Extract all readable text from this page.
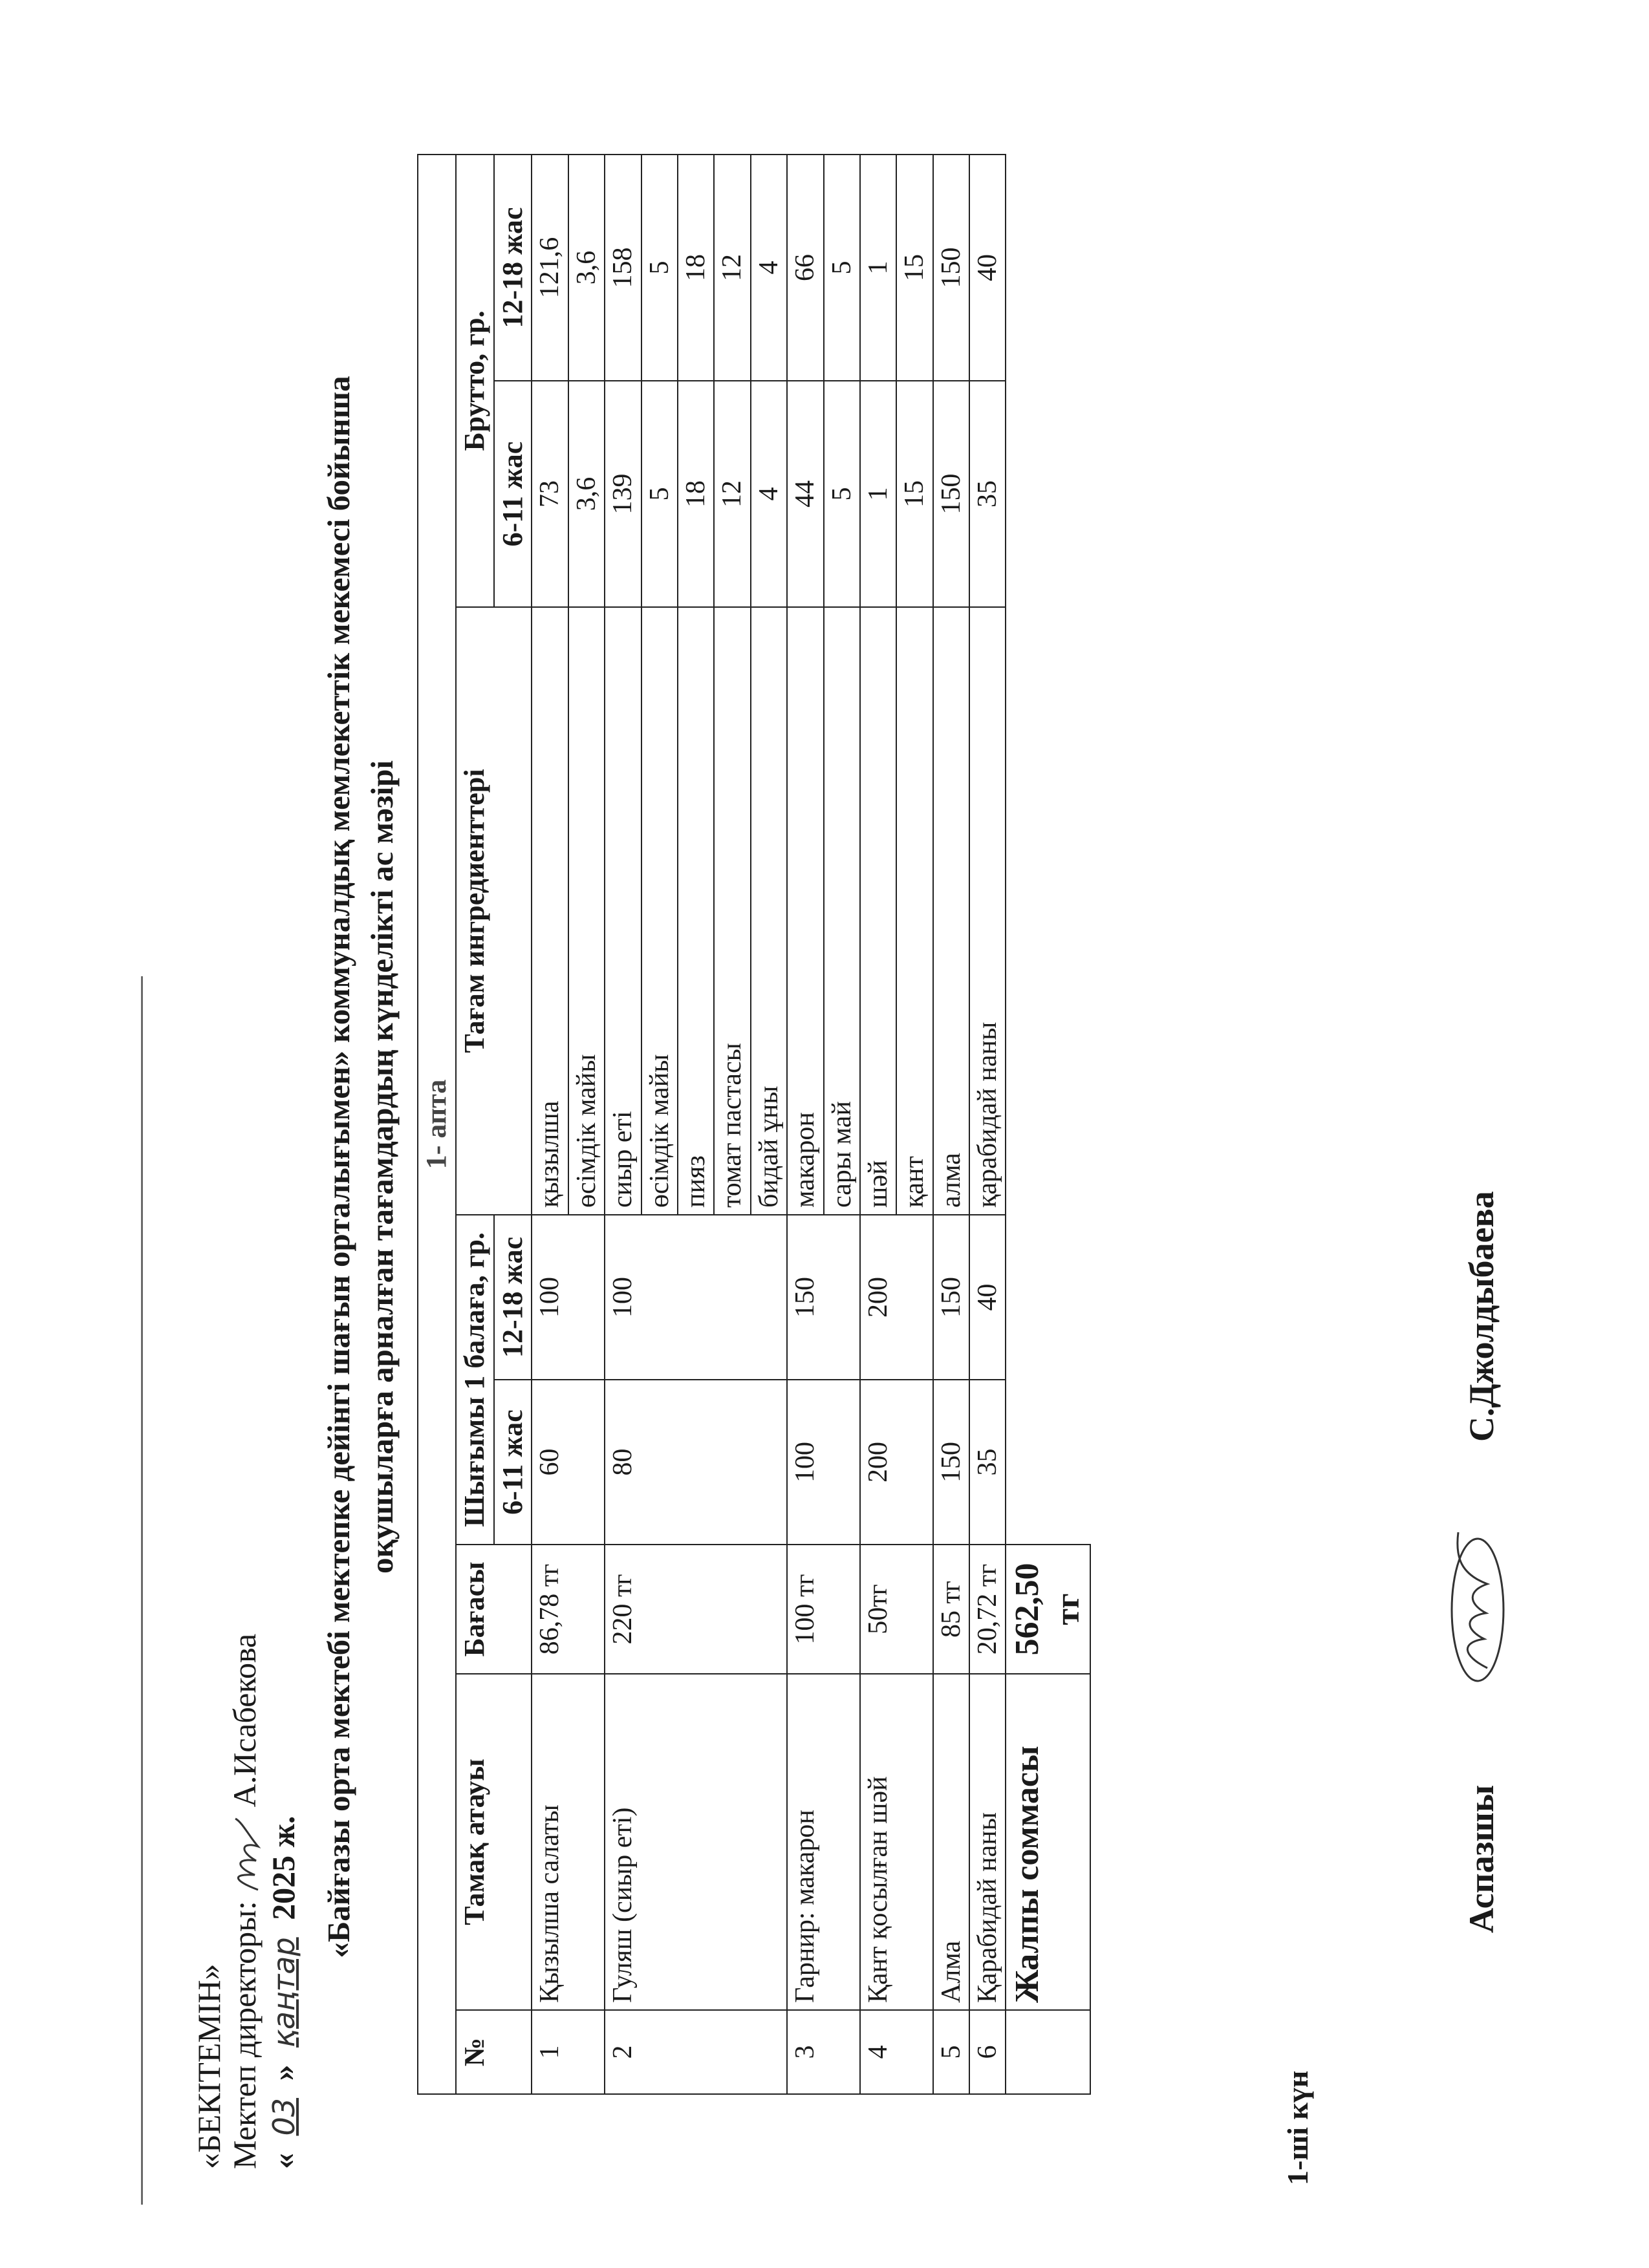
«БЕКІТЕМІН» Мектеп директоры:  А.Исабекова
« 03 » қаңтар 2025 ж. «Байғазы орта мектебі мектепке дейінгі шағын орталығымен» коммуналдық мемлекеттік мекемесі бойынша оқушыларға арналған тағамдардың күнделікті ас мәзірі
1-ші күн
1- апта							
№	Тамақ атауы	Бағасы	Шығымы 1 балаға, гр.		Тағам ингредиенттері	Брутто, гр.	
			6-11 жас	12-18 жас		6-11 жас	12-18 жас
1	Қызылша салаты	86,78 тг	60	100	қызылша	73	121,6
					өсімдік майы	3,6	3,6
2	Гуляш (сиыр еті)	220 тг	80	100	сиыр еті	139	158
					өсімдік майы	5	5
					пияз	18	18
					томат пастасы	12	12
					бидай ұны	4	4
3	Гарнир: макарон	100 тг	100	150	макарон	44	66
					сары май	5	5
4	Қант қосылған шәй	50тг	200	200	шәй	1	1
					қант	15	15
5	Алма	85 тг	150	150	алма	150	150
6	Қарабидай наны	20,72 тг	35	40	қарабидай наны	35	40
	Жалпы соммасы	562,50 тг					
Аспазшы
С.Джолдыбаева
